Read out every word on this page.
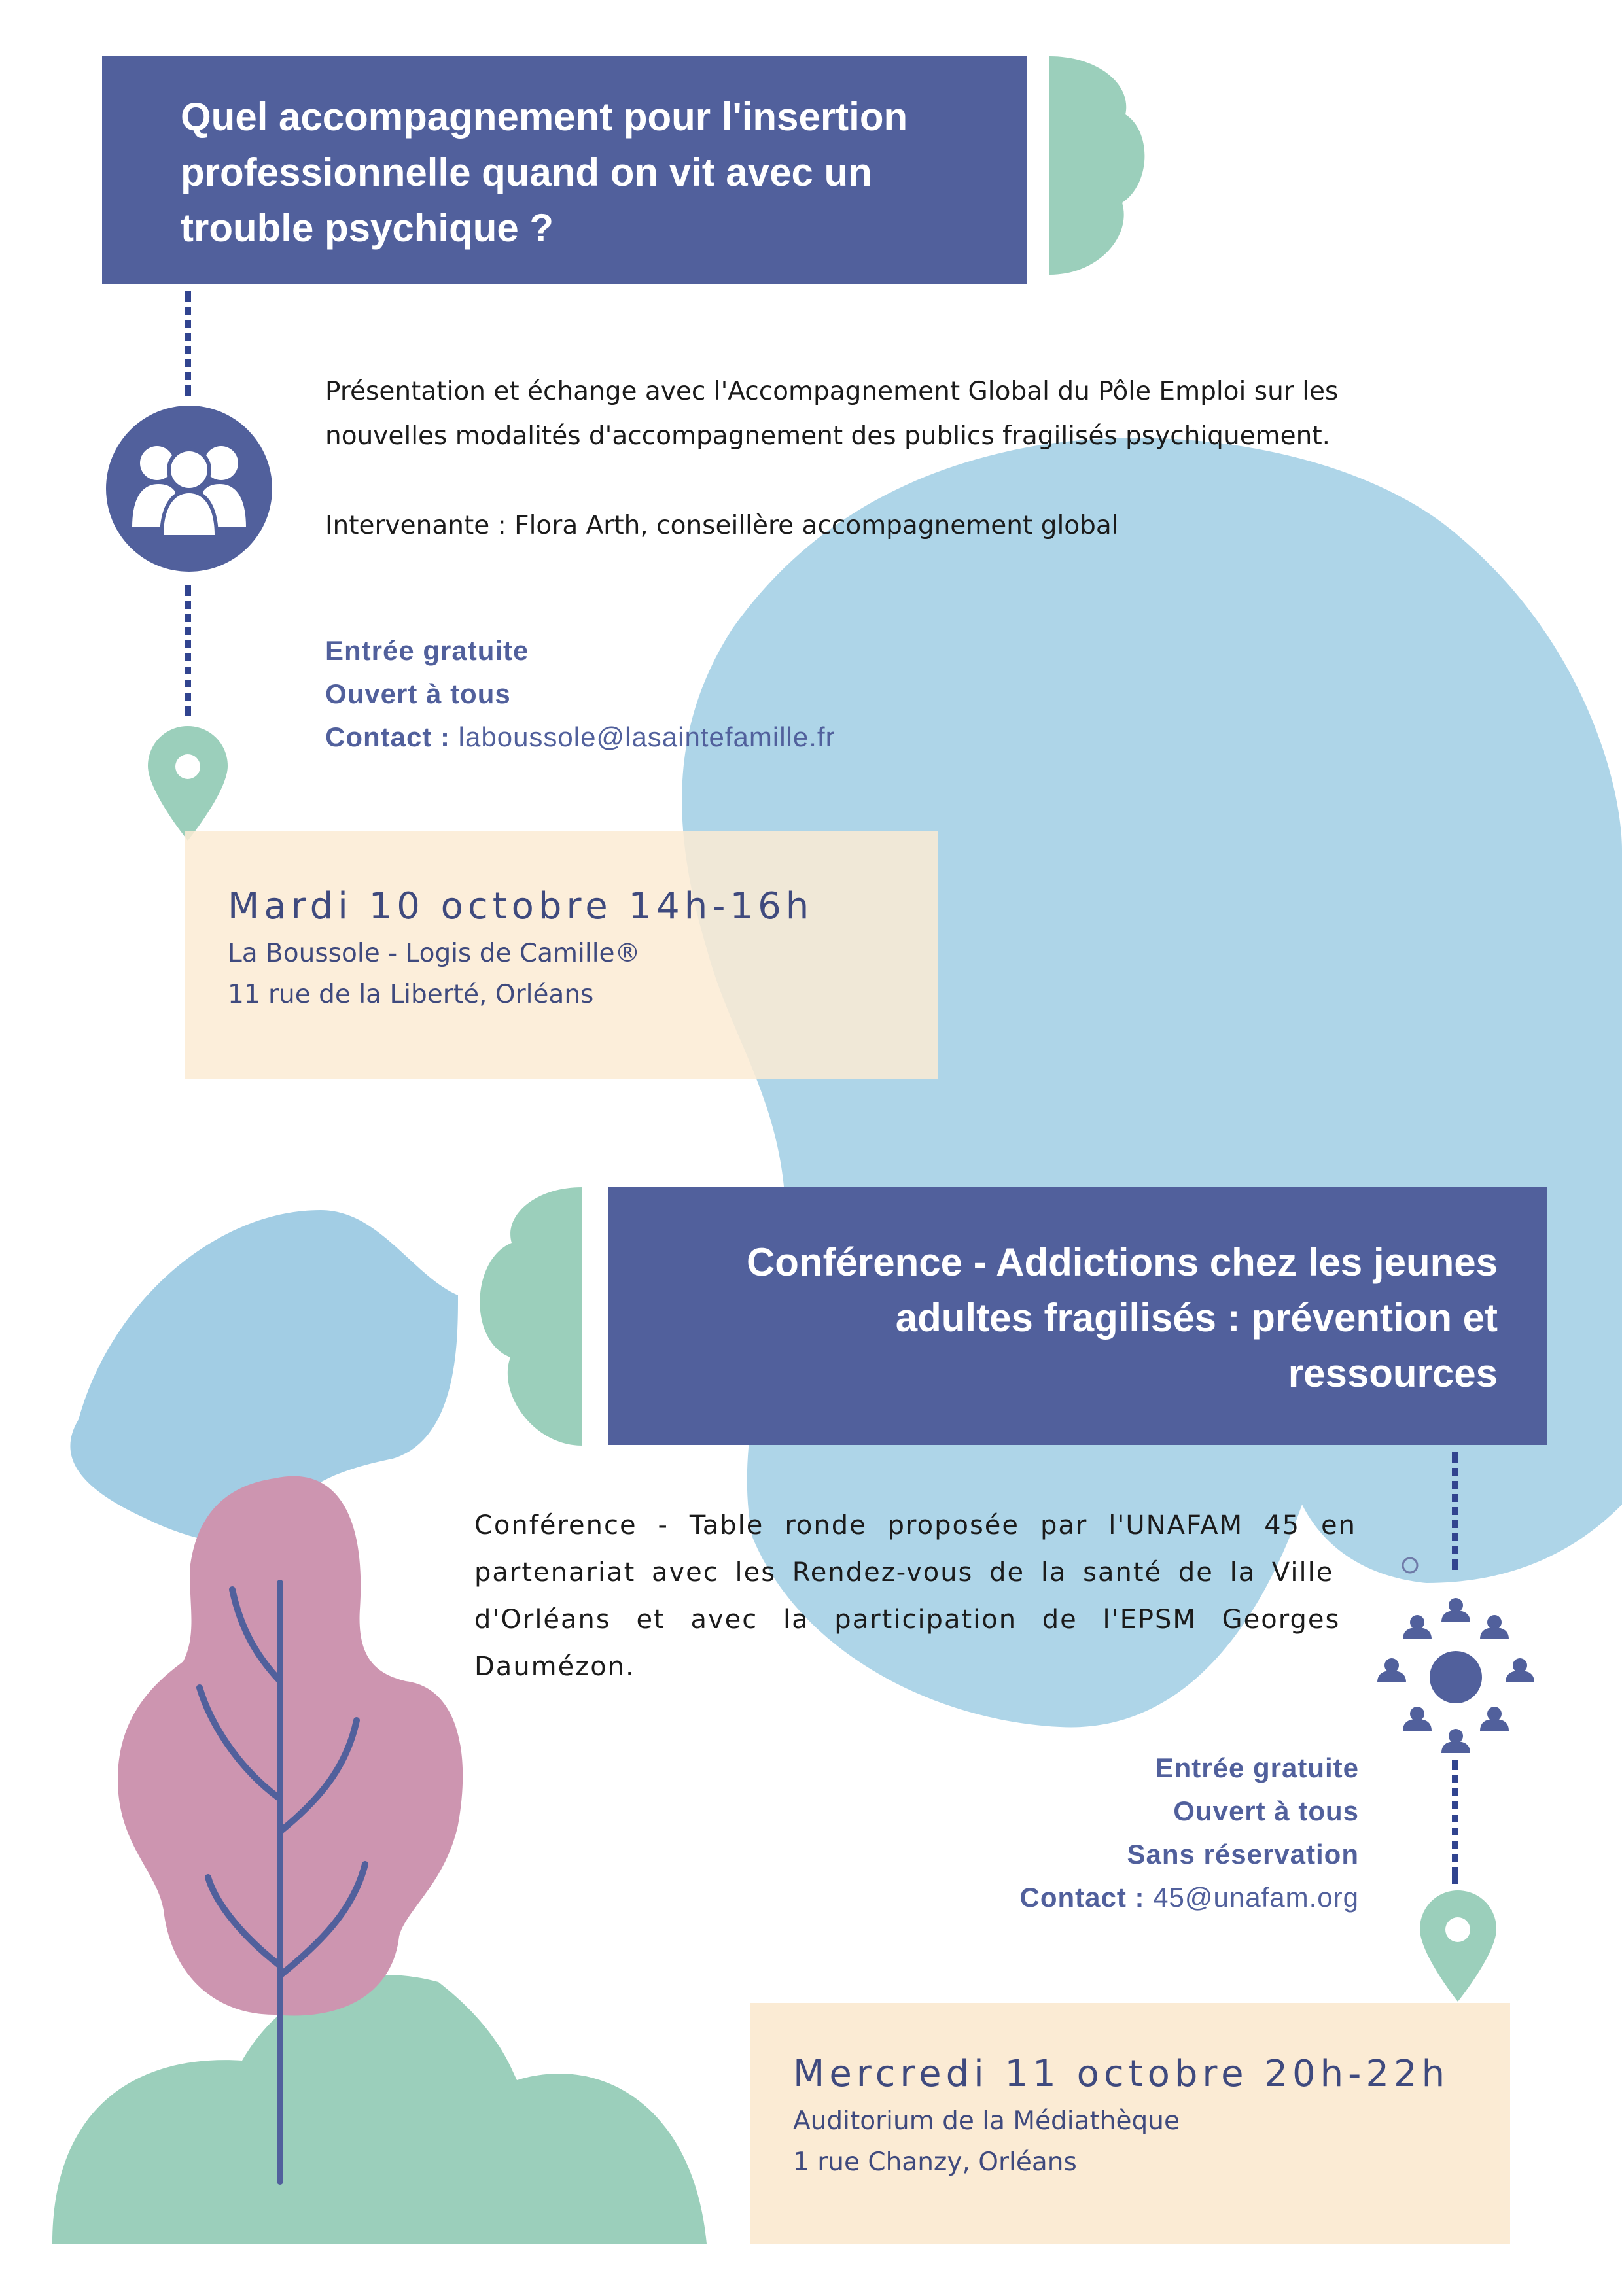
Quel accompagnement pour l'insertion
professionnelle quand on vit avec un
trouble psychique ?
Présentation et échange avec l'Accompagnement Global du Pôle Emploi sur les
nouvelles modalités d'accompagnement des publics fragilisés psychiquement.
Intervenante : Flora Arth, conseillère accompagnement global
Entrée gratuite
Ouvert à tous
Contact : laboussole@lasaintefamille.fr
Mardi 10 octobre 14h-16h
La Boussole - Logis de Camille®
11 rue de la Liberté, Orléans
Conférence - Addictions chez les jeunes
adultes fragilisés : prévention et
ressources
Conférence - Table ronde proposée par l'UNAFAM 45 en
partenariat avec les Rendez-vous de la santé de la Ville
d'Orléans et avec la participation de l'EPSM Georges
Daumézon.
Entrée gratuite
Ouvert à tous
Sans réservation
Contact : 45@unafam.org
Mercredi 11 octobre 20h-22h
Auditorium de la Médiathèque
1 rue Chanzy, Orléans
